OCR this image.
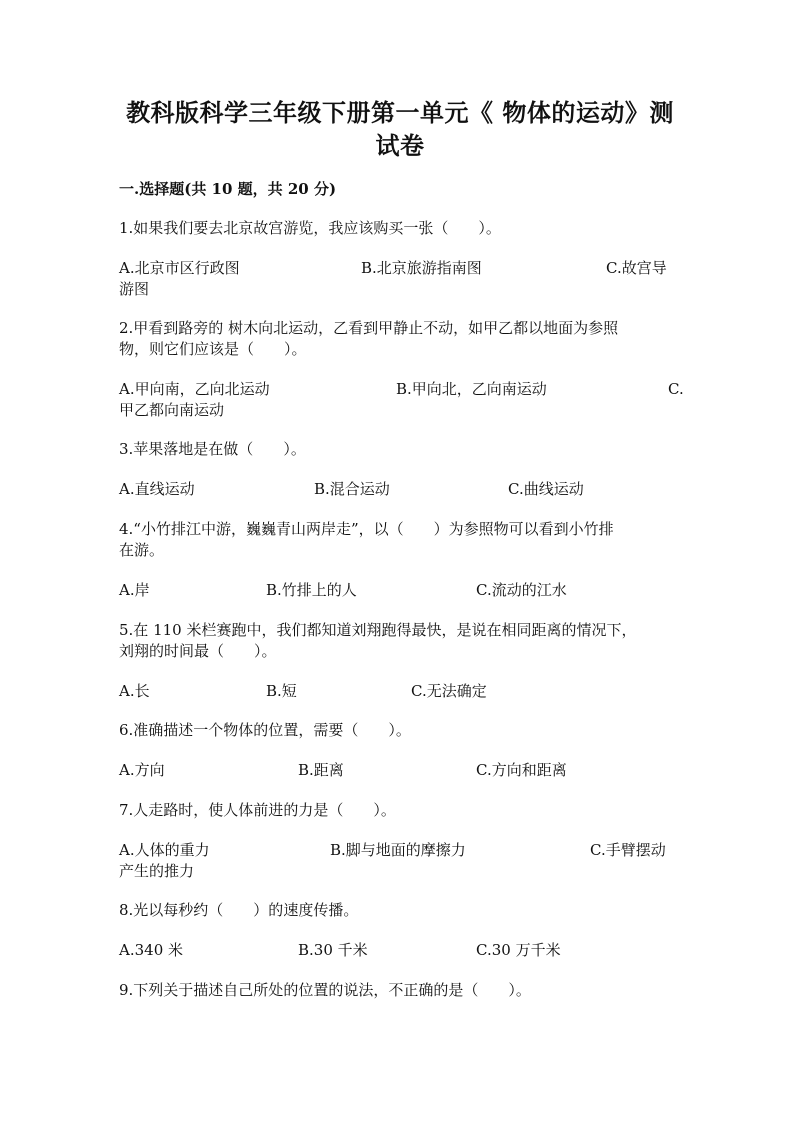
教科版科学三年级下册第一单元《 物体的运动》测
试卷
一.选择题(共 10 题，共 20 分)
1.如果我们要去北京故宫游览，我应该购买一张（　　）。
A.北京市区行政图	B.北京旅游指南图	C.故宫导
游图
2.甲看到路旁的 树木向北运动，乙看到甲静止不动，如甲乙都以地面为参照
物，则它们应该是（　　）。
A.甲向南，乙向北运动	B.甲向北，乙向南运动	C.
甲乙都向南运动
3.苹果落地是在做（　　）。
A.直线运动	B.混合运动	C.曲线运动
4.“小竹排江中游，巍巍青山两岸走”，以（　　）为参照物可以看到小竹排
在游。
A.岸	B.竹排上的人	C.流动的江水
5.在 110 米栏赛跑中，我们都知道刘翔跑得最快，是说在相同距离的情况下，
刘翔的时间最（　　）。
A.长	B.短	C.无法确定
6.准确描述一个物体的位置，需要（　　）。
A.方向	B.距离	C.方向和距离
7.人走路时，使人体前进的力是（　　）。
A.人体的重力	B.脚与地面的摩擦力	C.手臂摆动
产生的推力
8.光以每秒约（　　）的速度传播。
A.340 米	B.30 千米	C.30 万千米
9.下列关于描述自己所处的位置的说法，不正确的是（　　）。
